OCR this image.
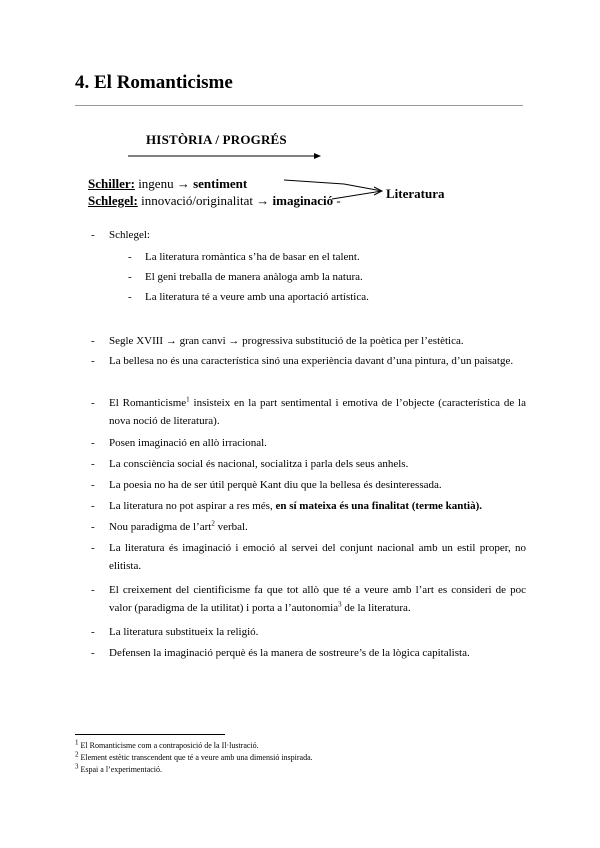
4. El Romanticisme
HISTÒRIA / PROGRÉS
Schiller: ingenu → sentiment
Schlegel: innovació/originalitat → imaginació -	Literatura
- Schlegel:
- La literatura romàntica s’ha de basar en el talent.
- El geni treballa de manera anàloga amb la natura.
- La literatura té a veure amb una aportació artística.
- Segle XVIII → gran canvi → progressiva substitució de la poètica per l’estètica.
- La bellesa no és una característica sinó una experiència davant d’una pintura, d’un paisatge.
- El Romanticisme$^1$ insisteix en la part sentimental i emotiva de l’objecte (característica de la nova noció de literatura).
- Posen imaginació en allò irracional.
- La consciència social és nacional, socialitza i parla dels seus anhels.
- La poesia no ha de ser útil perquè Kant diu que la bellesa és desinteressada.
- La literatura no pot aspirar a res més, en sí mateixa és una finalitat (terme kantià).
- Nou paradigma de l’art$^2$ verbal.
- La literatura és imaginació i emoció al servei del conjunt nacional amb un estil proper, no elitista.
- El creixement del cientificisme fa que tot allò que té a veure amb l’art es consideri de poc valor (paradigma de la utilitat) i porta a l’autonomia$^3$ de la literatura.
- La literatura substitueix la religió.
- Defensen la imaginació perquè és la manera de sostreure’s de la lògica capitalista.
$^1$ El Romanticisme com a contraposició de la Il·lustració.
$^2$ Element estètic transcendent que té a veure amb una dimensió inspirada.
$^3$ Espai a l’experimentació.
